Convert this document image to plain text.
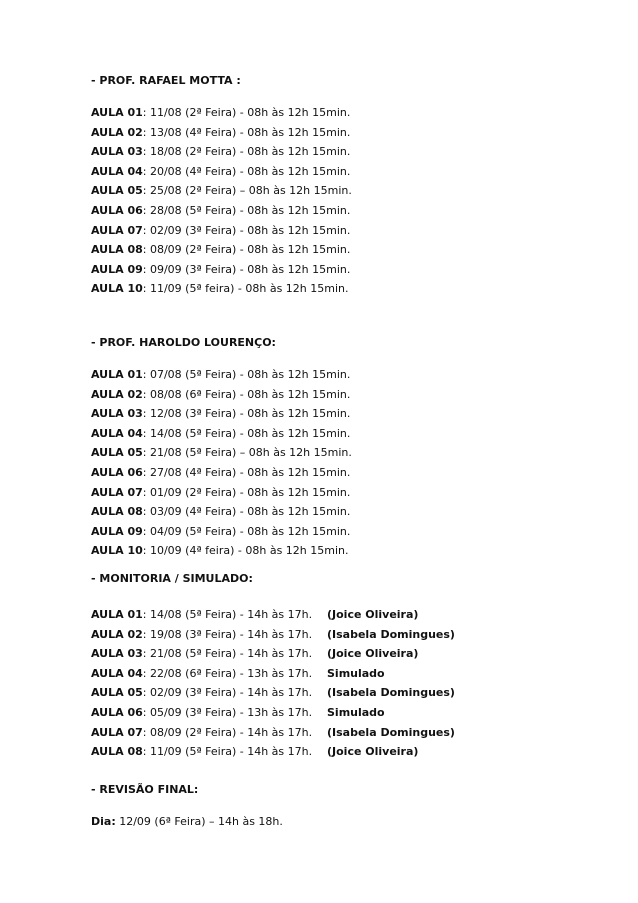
- PROF. RAFAEL MOTTA :
AULA 01: 11/08 (2ª Feira) - 08h às 12h 15min.
AULA 02: 13/08 (4ª Feira) - 08h às 12h 15min.
AULA 03: 18/08 (2ª Feira) - 08h às 12h 15min.
AULA 04: 20/08 (4ª Feira) - 08h às 12h 15min.
AULA 05: 25/08 (2ª Feira) – 08h às 12h 15min.
AULA 06: 28/08 (5ª Feira) - 08h às 12h 15min.
AULA 07: 02/09 (3ª Feira) - 08h às 12h 15min.
AULA 08: 08/09 (2ª Feira) - 08h às 12h 15min.
AULA 09: 09/09 (3ª Feira) - 08h às 12h 15min.
AULA 10: 11/09 (5ª feira) - 08h às 12h 15min.
- PROF. HAROLDO LOURENÇO:
AULA 01: 07/08 (5ª Feira) - 08h às 12h 15min.
AULA 02: 08/08 (6ª Feira) - 08h às 12h 15min.
AULA 03: 12/08 (3ª Feira) - 08h às 12h 15min.
AULA 04: 14/08 (5ª Feira) - 08h às 12h 15min.
AULA 05: 21/08 (5ª Feira) – 08h às 12h 15min.
AULA 06: 27/08 (4ª Feira) - 08h às 12h 15min.
AULA 07: 01/09 (2ª Feira) - 08h às 12h 15min.
AULA 08: 03/09 (4ª Feira) - 08h às 12h 15min.
AULA 09: 04/09 (5ª Feira) - 08h às 12h 15min.
AULA 10: 10/09 (4ª feira) - 08h às 12h 15min.
- MONITORIA / SIMULADO:
AULA 01: 14/08 (5ª Feira) - 14h às 17h. (Joice Oliveira)
AULA 02: 19/08 (3ª Feira) - 14h às 17h. (Isabela Domingues)
AULA 03: 21/08 (5ª Feira) - 14h às 17h. (Joice Oliveira)
AULA 04: 22/08 (6ª Feira) - 13h às 17h. Simulado
AULA 05: 02/09 (3ª Feira) - 14h às 17h. (Isabela Domingues)
AULA 06: 05/09 (3ª Feira) - 13h às 17h. Simulado
AULA 07: 08/09 (2ª Feira) - 14h às 17h. (Isabela Domingues)
AULA 08: 11/09 (5ª Feira) - 14h às 17h. (Joice Oliveira)
- REVISÃO FINAL:
Dia: 12/09 (6ª Feira) – 14h às 18h.
